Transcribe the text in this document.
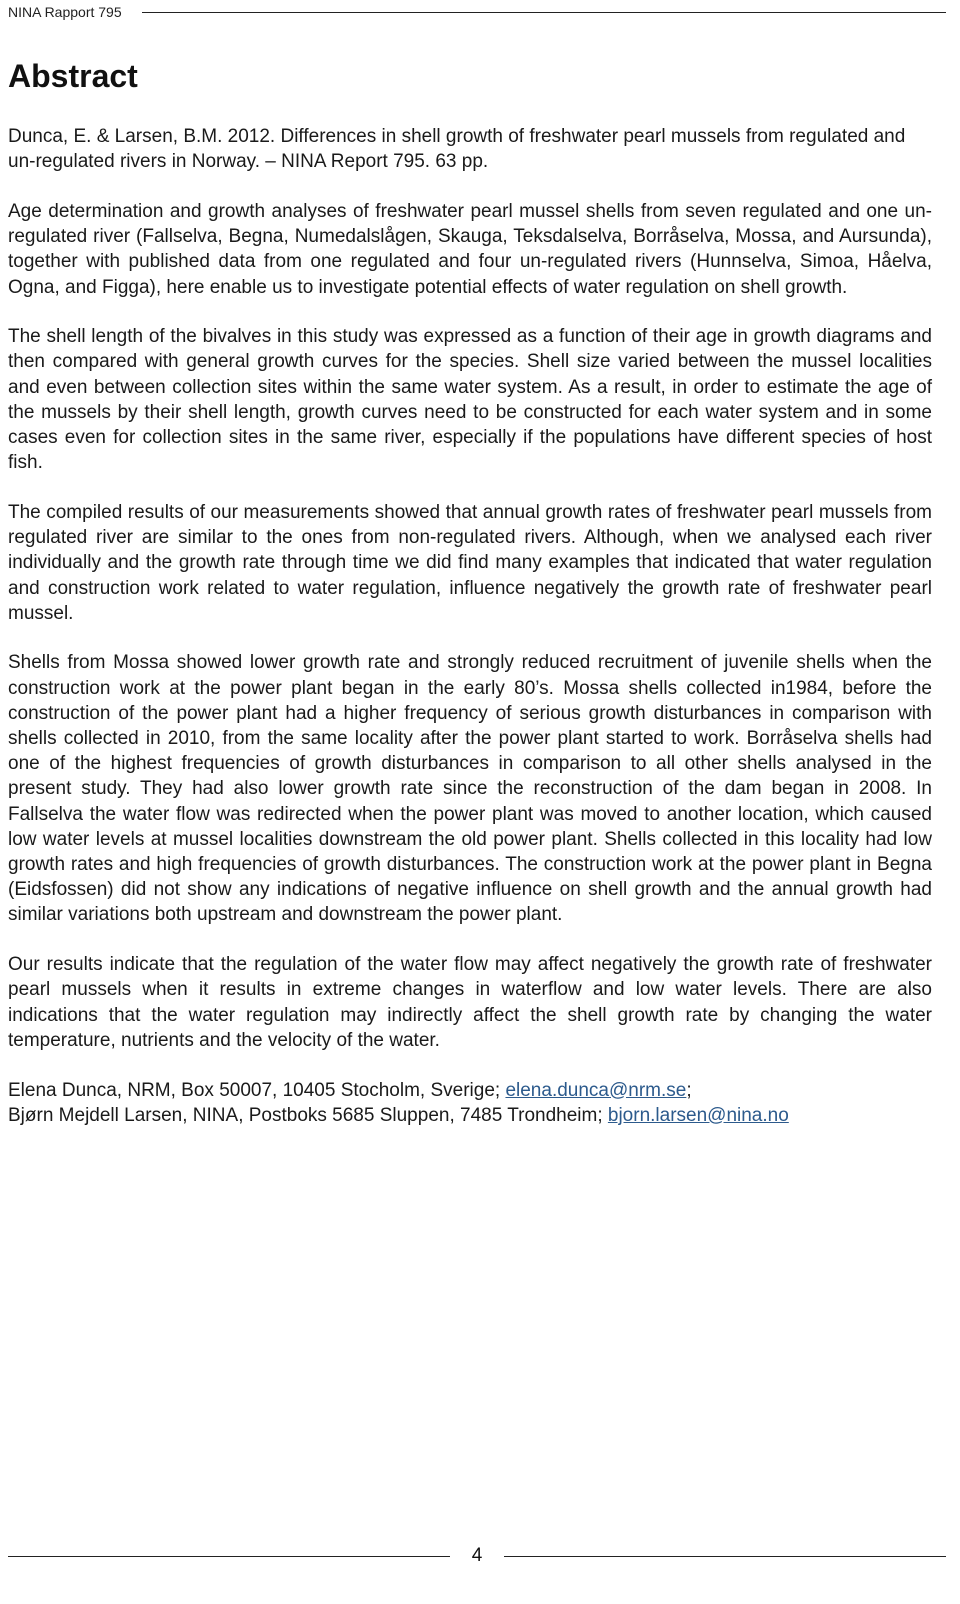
NINA Rapport 795
Abstract

Dunca, E. & Larsen, B.M. 2012. Differences in shell growth of freshwater pearl mussels from regulated and un-regulated rivers in Norway. – NINA Report 795. 63 pp.

Age determination and growth analyses of freshwater pearl mussel shells from seven regulated and one un-regulated river (Fallselva, Begna, Numedalslågen, Skauga, Teksdalselva, Borråselva, Mossa, and Aursunda), together with published data from one regulated and four un-regulated rivers (Hunnselva, Simoa, Håelva, Ogna, and Figga), here enable us to investigate potential effects of water regulation on shell growth.

The shell length of the bivalves in this study was expressed as a function of their age in growth diagrams and then compared with general growth curves for the species. Shell size varied between the mussel localities and even between collection sites within the same water system. As a result, in order to estimate the age of the mussels by their shell length, growth curves need to be constructed for each water system and in some cases even for collection sites in the same river, especially if the populations have different species of host fish.

The compiled results of our measurements showed that annual growth rates of freshwater pearl mussels from regulated river are similar to the ones from non-regulated rivers. Although, when we analysed each river individually and the growth rate through time we did find many examples that indicated that water regulation and construction work related to water regulation, influence negatively the growth rate of freshwater pearl mussel.

Shells from Mossa showed lower growth rate and strongly reduced recruitment of juvenile shells when the construction work at the power plant began in the early 80’s. Mossa shells collected in1984, before the construction of the power plant had a higher frequency of serious growth disturbances in comparison with shells collected in 2010, from the same locality after the power plant started to work. Borråselva shells had one of the highest frequencies of growth disturbances in comparison to all other shells analysed in the present study. They had also lower growth rate since the reconstruction of the dam began in 2008. In Fallselva the water flow was redirected when the power plant was moved to another location, which caused low water levels at mussel localities downstream the old power plant. Shells collected in this locality had low growth rates and high frequencies of growth disturbances. The construction work at the power plant in Begna (Eidsfossen) did not show any indications of negative influence on shell growth and the annual growth had similar variations both upstream and downstream the power plant.

Our results indicate that the regulation of the water flow may affect negatively the growth rate of freshwater pearl mussels when it results in extreme changes in waterflow and low water levels. There are also indications that the water regulation may indirectly affect the shell growth rate by changing the water temperature, nutrients and the velocity of the water.

Elena Dunca, NRM, Box 50007, 10405 Stocholm, Sverige; elena.dunca@nrm.se;

Bjørn Mejdell Larsen, NINA, Postboks 5685 Sluppen, 7485 Trondheim; bjorn.larsen@nina.no

4
